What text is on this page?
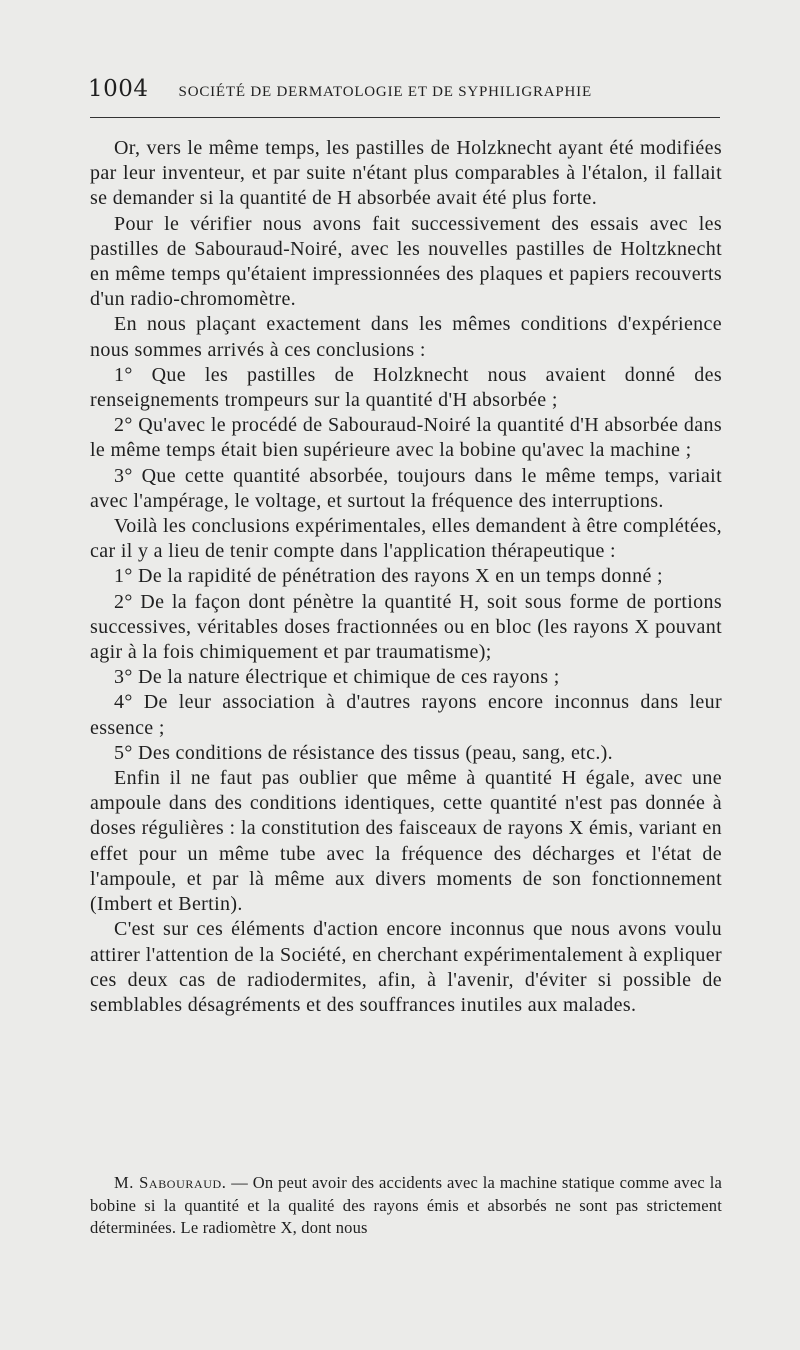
1004 SOCIÉTÉ DE DERMATOLOGIE ET DE SYPHILIGRAPHIE

Or, vers le même temps, les pastilles de Holzknecht ayant été modifiées par leur inventeur, et par suite n'étant plus comparables à l'étalon, il fallait se demander si la quantité de H absorbée avait été plus forte.

Pour le vérifier nous avons fait successivement des essais avec les pastilles de Sabouraud-Noiré, avec les nouvelles pastilles de Holtzknecht en même temps qu'étaient impressionnées des plaques et papiers recouverts d'un radio-chromomètre.

En nous plaçant exactement dans les mêmes conditions d'expérience nous sommes arrivés à ces conclusions :

1° Que les pastilles de Holzknecht nous avaient donné des renseignements trompeurs sur la quantité d'H absorbée ;

2° Qu'avec le procédé de Sabouraud-Noiré la quantité d'H absorbée dans le même temps était bien supérieure avec la bobine qu'avec la machine ;

3° Que cette quantité absorbée, toujours dans le même temps, variait avec l'ampérage, le voltage, et surtout la fréquence des interruptions.

Voilà les conclusions expérimentales, elles demandent à être complétées, car il y a lieu de tenir compte dans l'application thérapeutique :

1° De la rapidité de pénétration des rayons X en un temps donné ;

2° De la façon dont pénètre la quantité H, soit sous forme de portions successives, véritables doses fractionnées ou en bloc (les rayons X pouvant agir à la fois chimiquement et par traumatisme);

3° De la nature électrique et chimique de ces rayons ;

4° De leur association à d'autres rayons encore inconnus dans leur essence ;

5° Des conditions de résistance des tissus (peau, sang, etc.).

Enfin il ne faut pas oublier que même à quantité H égale, avec une ampoule dans des conditions identiques, cette quantité n'est pas donnée à doses régulières : la constitution des faisceaux de rayons X émis, variant en effet pour un même tube avec la fréquence des décharges et l'état de l'ampoule, et par là même aux divers moments de son fonctionnement (Imbert et Bertin).

C'est sur ces éléments d'action encore inconnus que nous avons voulu attirer l'attention de la Société, en cherchant expérimentalement à expliquer ces deux cas de radiodermites, afin, à l'avenir, d'éviter si possible de semblables désagréments et des souffrances inutiles aux malades.

M. Sabouraud. — On peut avoir des accidents avec la machine statique comme avec la bobine si la quantité et la qualité des rayons émis et absorbés ne sont pas strictement déterminées. Le radiomètre X, dont nous
